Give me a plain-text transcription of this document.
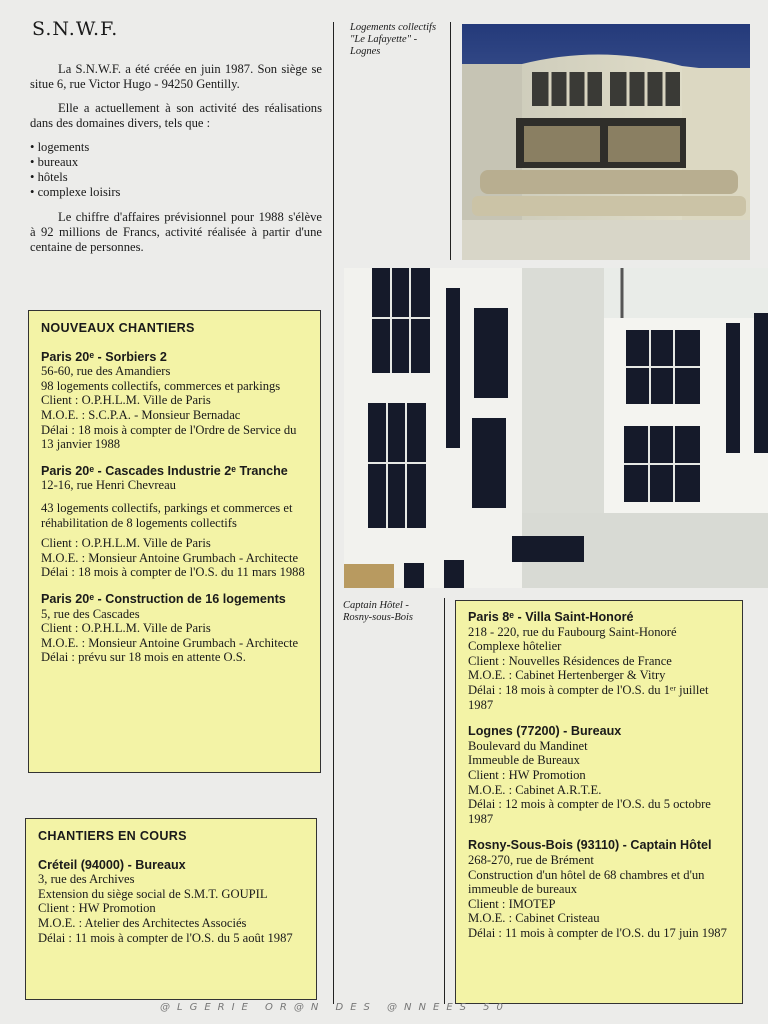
S.N.W.F.

La S.N.W.F. a été créée en juin 1987. Son siège se situe 6, rue Victor Hugo - 94250 Gentilly.

Elle a actuellement à son activité des réalisations dans des domaines divers, tels que :

• logements
• bureaux
• hôtels
• complexe loisirs

Le chiffre d'affaires prévisionnel pour 1988 s'élève à 92 millions de Francs, activité réalisée à partir d'une centaine de personnes.

Logements collectifs "Le Lafayette" - Lognes
Captain Hôtel - Rosny-sous-Bois
NOUVEAUX CHANTIERS
Paris 20ᵉ - Sorbiers 2
56-60, rue des Amandiers
98 logements collectifs, commerces et parkings
Client : O.P.H.L.M. Ville de Paris
M.O.E. : S.C.P.A. - Monsieur Bernadac
Délai : 18 mois à compter de l'Ordre de Service du 13 janvier 1988
Paris 20ᵉ - Cascades Industrie 2ᵉ Tranche
12-16, rue Henri Chevreau
43 logements collectifs, parkings et commerces et réhabilitation de 8 logements collectifs
Client : O.P.H.L.M. Ville de Paris
M.O.E. : Monsieur Antoine Grumbach - Architecte
Délai : 18 mois à compter de l'O.S. du 11 mars 1988
Paris 20ᵉ - Construction de 16 logements
5, rue des Cascades
Client : O.P.H.L.M. Ville de Paris
M.O.E. : Monsieur Antoine Grumbach - Architecte
Délai : prévu sur 18 mois en attente O.S.
CHANTIERS EN COURS
Créteil (94000) - Bureaux
3, rue des Archives
Extension du siège social de S.M.T. GOUPIL
Client : HW Promotion
M.O.E. : Atelier des Architectes Associés
Délai : 11 mois à compter de l'O.S. du 5 août 1987
Paris 8ᵉ - Villa Saint-Honoré
218 - 220, rue du Faubourg Saint-Honoré
Complexe hôtelier
Client : Nouvelles Résidences de France
M.O.E. : Cabinet Hertenberger & Vitry
Délai : 18 mois à compter de l'O.S. du 1ᵉʳ juillet 1987
Lognes (77200) - Bureaux
Boulevard du Mandinet
Immeuble de Bureaux
Client : HW Promotion
M.O.E. : Cabinet A.R.T.E.
Délai : 12 mois à compter de l'O.S. du 5 octobre 1987
Rosny-Sous-Bois (93110) - Captain Hôtel
268-270, rue de Brément
Construction d'un hôtel de 68 chambres et d'un immeuble de bureaux
Client : IMOTEP
M.O.E. : Cabinet Cristeau
Délai : 11 mois à compter de l'O.S. du 17 juin 1987
@LGERIE OR@N DES @NNEES 50
